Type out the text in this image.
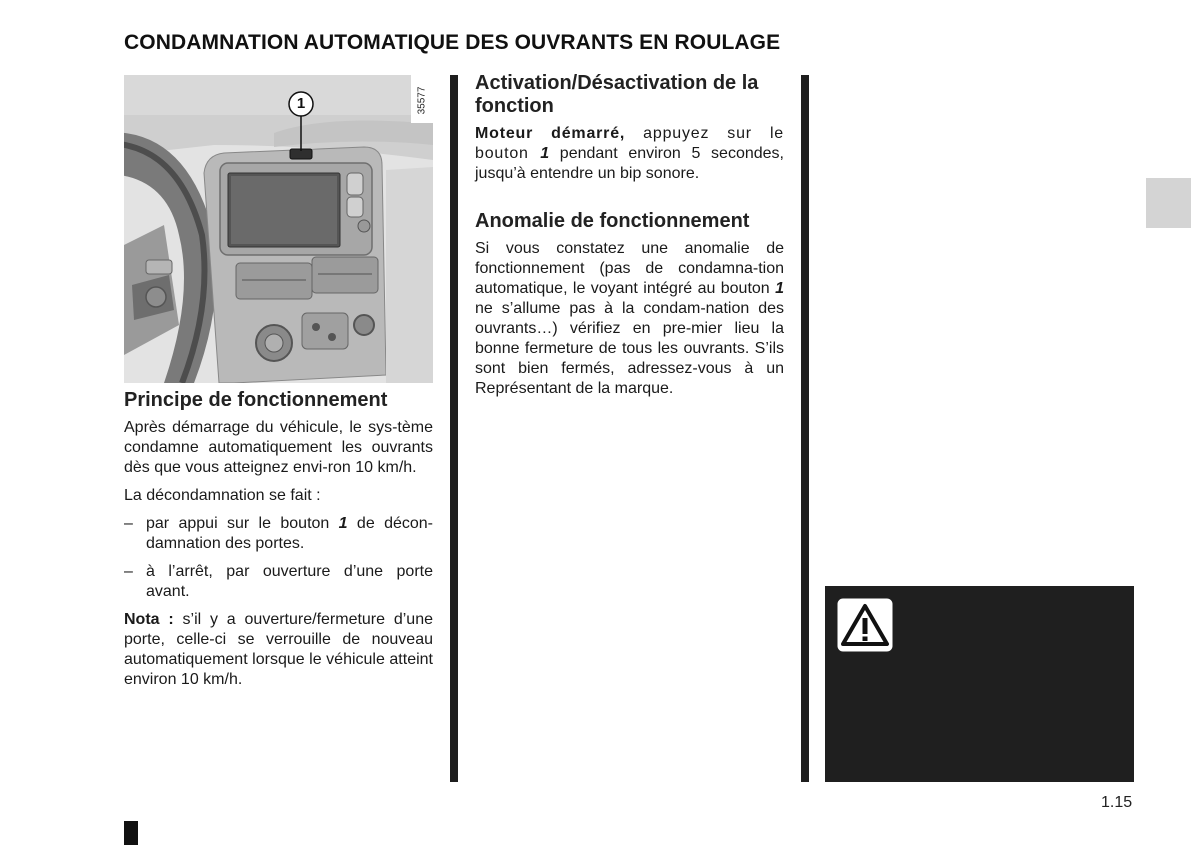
CONDAMNATION AUTOMATIQUE DES OUVRANTS EN ROULAGE
1	35577
Principe de fonctionnement

Après démarrage du véhicule, le sys-tème condamne automatiquement les ouvrants dès que vous atteignez envi-ron 10 km/h.

La décondamnation se fait :

– par appui sur le bouton 1 de décon-damnation des portes.
– à l’arrêt, par ouverture d’une porte avant.

Nota : s’il y a ouverture/fermeture d’une porte, celle-ci se verrouille de nouveau automatiquement lorsque le véhicule atteint environ 10 km/h.

Activation/Désactivation de la fonction

Moteur démarré, appuyez sur le bouton 1 pendant environ 5 secondes, jusqu’à entendre un bip sonore.

Anomalie de fonctionnement

Si vous constatez une anomalie de fonctionnement (pas de condamna-tion automatique, le voyant intégré au bouton 1 ne s’allume pas à la condam-nation des ouvrants…) vérifiez en pre-mier lieu la bonne fermeture de tous les ouvrants. S’ils sont bien fermés, adressez-vous à un Représentant de la marque.

1.15
